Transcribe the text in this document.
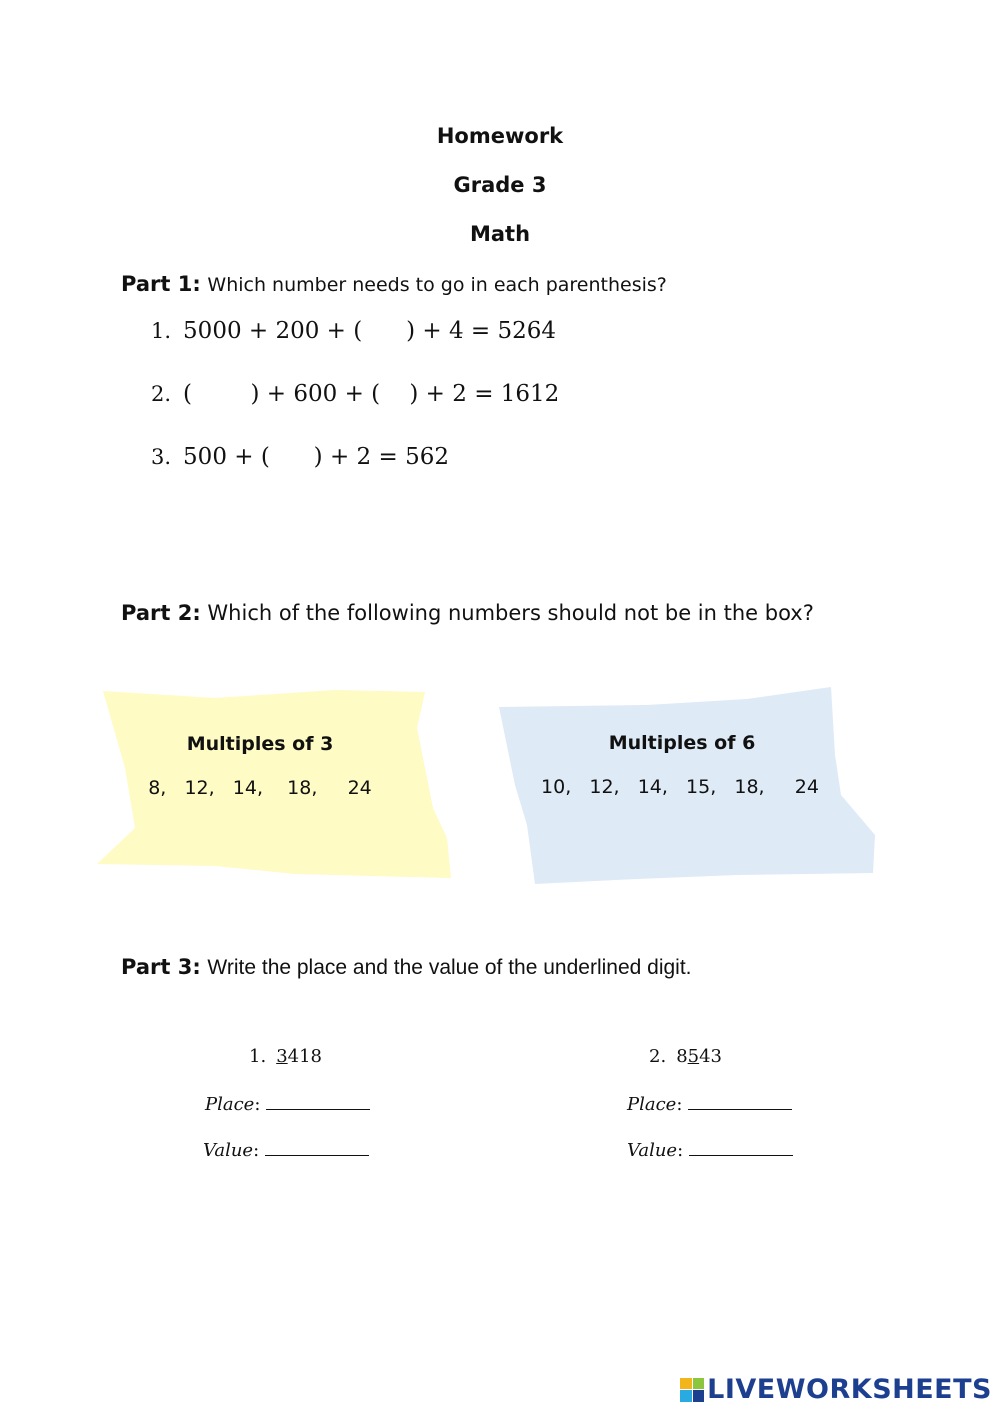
Homework
Grade 3
Math
Part 1: Which number needs to go in each parenthesis?
1. 5000 + 200 + (      ) + 4 = 5264
2. (        ) + 600 + (    ) + 2 = 1612
3. 500 + (      ) + 2 = 562
Part 2: Which of the following numbers should not be in the box?
Multiples of 3
8,   12,   14,    18,     24
Multiples of 6
10,   12,   14,   15,   18,     24
Part 3: Write the place and the value of the underlined digit.
1. 3418
Place:
Value:
2. 8543
Place:
Value:
LIVEWORKSHEETS
